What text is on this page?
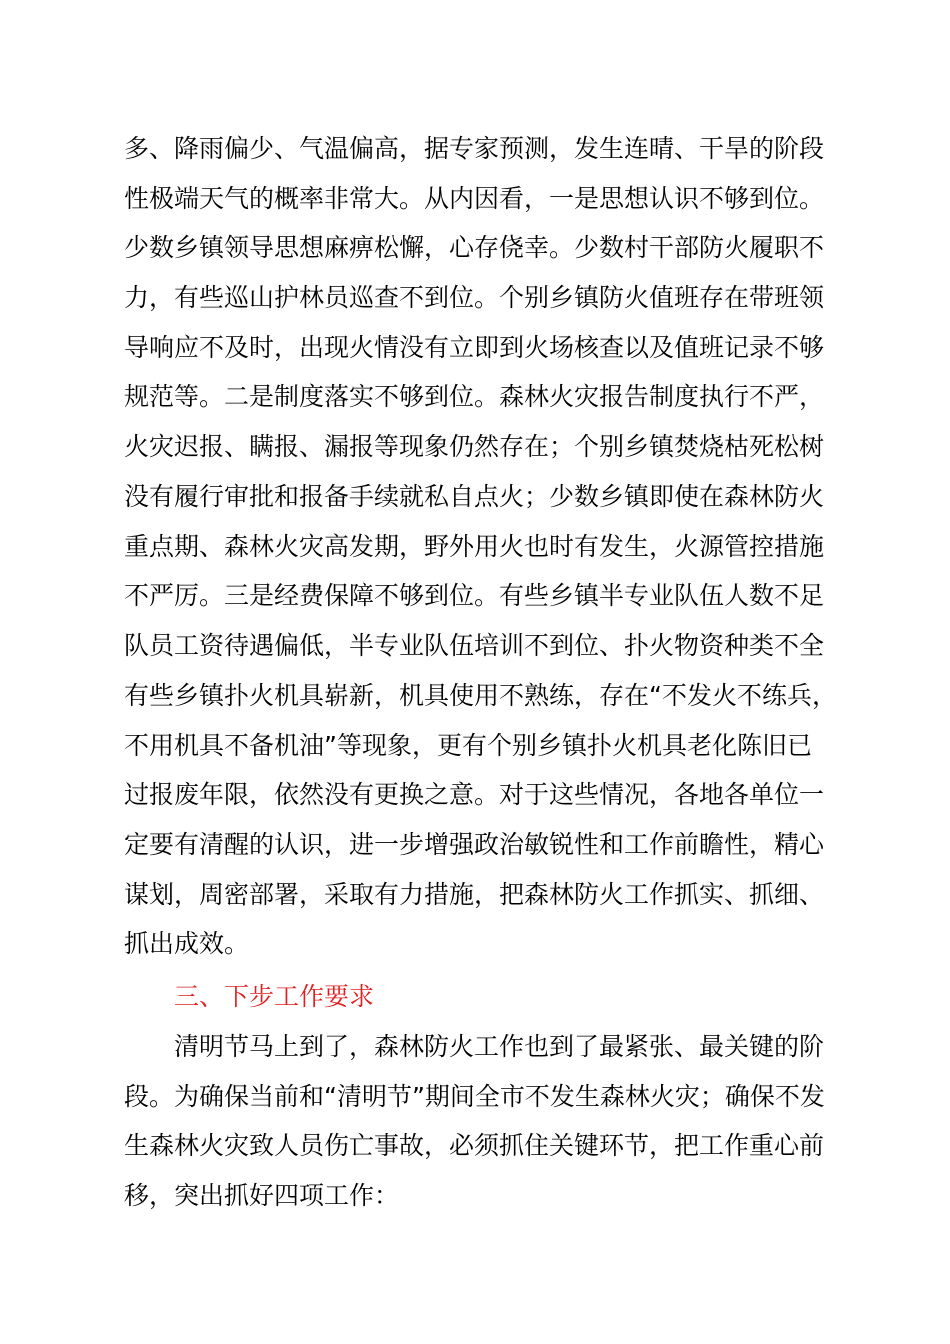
多、降雨偏少、气温偏高，据专家预测，发生连晴、干旱的阶段
性极端天气的概率非常大。从内因看，一是思想认识不够到位。
少数乡镇领导思想麻痹松懈，心存侥幸。少数村干部防火履职不
力，有些巡山护林员巡查不到位。个别乡镇防火值班存在带班领
导响应不及时，出现火情没有立即到火场核查以及值班记录不够
规范等。二是制度落实不够到位。森林火灾报告制度执行不严，
火灾迟报、瞒报、漏报等现象仍然存在；个别乡镇焚烧枯死松树
没有履行审批和报备手续就私自点火；少数乡镇即使在森林防火
重点期、森林火灾高发期，野外用火也时有发生，火源管控措施
不严厉。三是经费保障不够到位。有些乡镇半专业队伍人数不足
队员工资待遇偏低，半专业队伍培训不到位、扑火物资种类不全
有些乡镇扑火机具崭新，机具使用不熟练，存在“不发火不练兵，
不用机具不备机油”等现象，更有个别乡镇扑火机具老化陈旧已
过报废年限，依然没有更换之意。对于这些情况，各地各单位一
定要有清醒的认识，进一步增强政治敏锐性和工作前瞻性，精心
谋划，周密部署，采取有力措施，把森林防火工作抓实、抓细、
抓出成效。
三、下步工作要求
清明节马上到了，森林防火工作也到了最紧张、最关键的阶
段。为确保当前和“清明节”期间全市不发生森林火灾；确保不发
生森林火灾致人员伤亡事故，必须抓住关键环节，把工作重心前
移，突出抓好四项工作：
